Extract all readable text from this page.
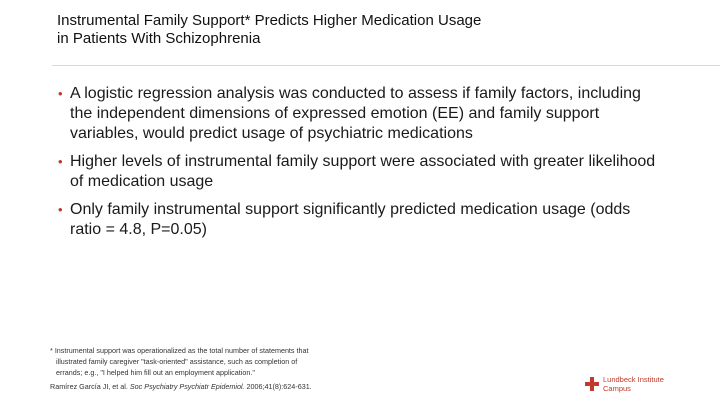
Instrumental Family Support* Predicts Higher Medication Usage
in Patients With Schizophrenia
• A logistic regression analysis was conducted to assess if family factors, including the independent dimensions of expressed emotion (EE) and family support variables, would predict usage of psychiatric medications
• Higher levels of instrumental family support were associated with greater likelihood of medication usage
• Only family instrumental support significantly predicted medication usage (odds ratio = 4.8, P=0.05)
* Instrumental support was operationalized as the total number of statements that
illustrated family caregiver "task-oriented" assistance, such as completion of
errands; e.g., "I helped him fill out an employment application."
Ramírez García JI, et al. Soc Psychiatry Psychiatr Epidemiol. 2006;41(8):624-631.
Lundbeck Institute
Campus
